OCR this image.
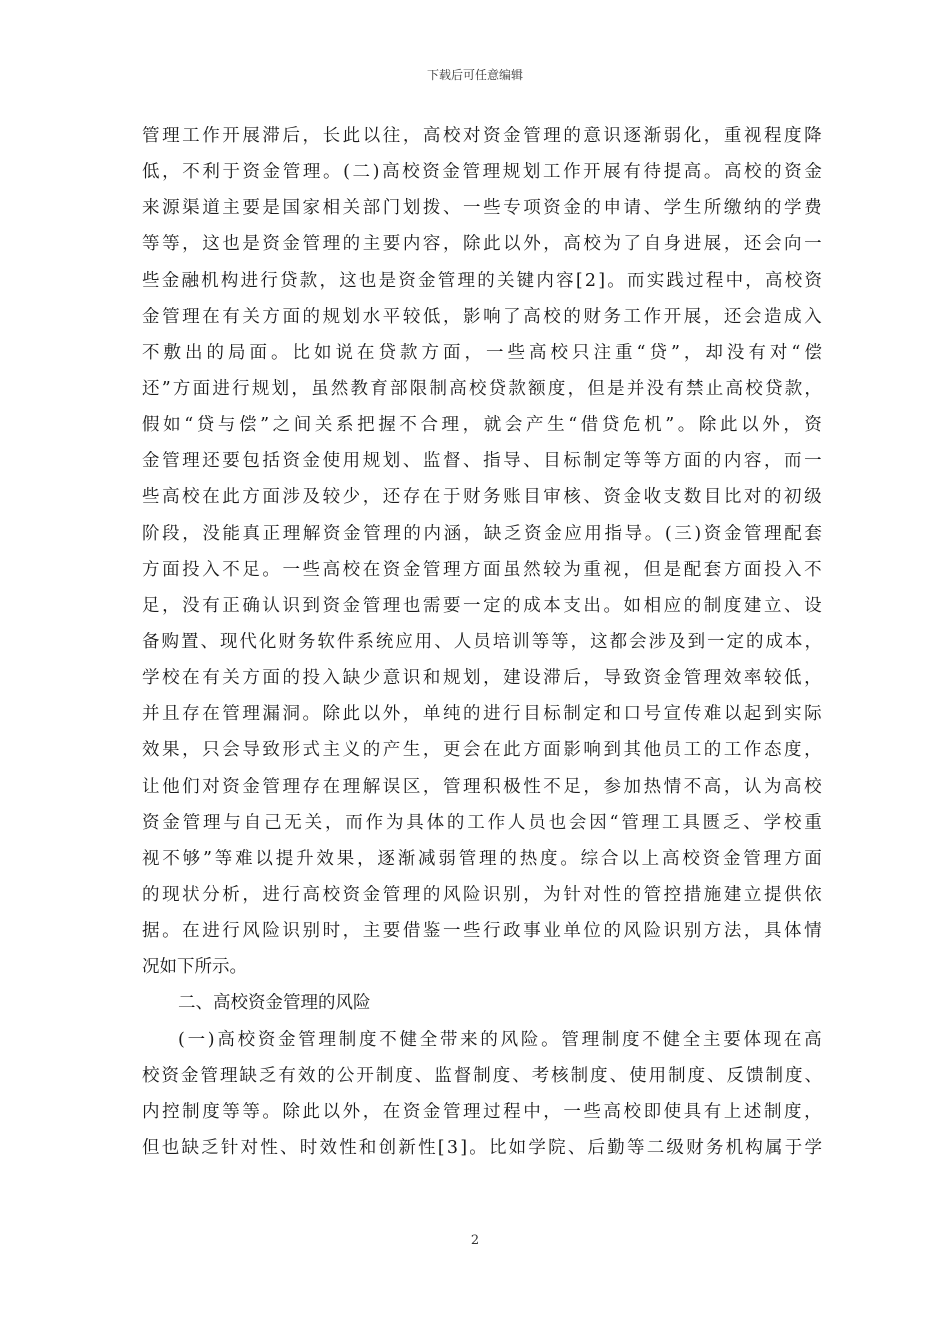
下载后可任意编辑
管 理 工 作 开 展 滞 后 ， 长 此 以 往 ， 高 校 对 资 金 管 理 的 意 识 逐 渐 弱 化 ， 重 视 程 度 降
低 ， 不 利 于 资 金 管 理 。 ( 二 ) 高 校 资 金 管 理 规 划 工 作 开 展 有 待 提 高 。 高 校 的 资 金
来 源 渠 道 主 要 是 国 家 相 关 部 门 划 拨 、 一 些 专 项 资 金 的 申 请 、 学 生 所 缴 纳 的 学 费
等 等 ， 这 也 是 资 金 管 理 的 主 要 内 容 ， 除 此 以 外 ， 高 校 为 了 自 身 进 展 ， 还 会 向 一
些 金 融 机 构 进 行 贷 款 ， 这 也 是 资 金 管 理 的 关 键 内 容 [ 2 ] 。 而 实 践 过 程 中 ， 高 校 资
金 管 理 在 有 关 方 面 的 规 划 水 平 较 低 ， 影 响 了 高 校 的 财 务 工 作 开 展 ， 还 会 造 成 入
不 敷 出 的 局 面 。 比 如 说 在 贷 款 方 面 ， 一 些 高 校 只 注 重 “ 贷 ” ， 却 没 有 对 “ 偿
还 ” 方 面 进 行 规 划 ， 虽 然 教 育 部 限 制 高 校 贷 款 额 度 ， 但 是 并 没 有 禁 止 高 校 贷 款 ，
假 如 “ 贷 与 偿 ” 之 间 关 系 把 握 不 合 理 ， 就 会 产 生 “ 借 贷 危 机 ” 。 除 此 以 外 ， 资
金 管 理 还 要 包 括 资 金 使 用 规 划 、 监 督 、 指 导 、 目 标 制 定 等 等 方 面 的 内 容 ， 而 一
些 高 校 在 此 方 面 涉 及 较 少 ， 还 存 在 于 财 务 账 目 审 核 、 资 金 收 支 数 目 比 对 的 初 级
阶 段 ， 没 能 真 正 理 解 资 金 管 理 的 内 涵 ， 缺 乏 资 金 应 用 指 导 。 ( 三 ) 资 金 管 理 配 套
方 面 投 入 不 足 。 一 些 高 校 在 资 金 管 理 方 面 虽 然 较 为 重 视 ， 但 是 配 套 方 面 投 入 不
足 ， 没 有 正 确 认 识 到 资 金 管 理 也 需 要 一 定 的 成 本 支 出 。 如 相 应 的 制 度 建 立 、 设
备 购 置 、 现 代 化 财 务 软 件 系 统 应 用 、 人 员 培 训 等 等 ， 这 都 会 涉 及 到 一 定 的 成 本 ，
学 校 在 有 关 方 面 的 投 入 缺 少 意 识 和 规 划 ， 建 设 滞 后 ， 导 致 资 金 管 理 效 率 较 低 ，
并 且 存 在 管 理 漏 洞 。 除 此 以 外 ， 单 纯 的 进 行 目 标 制 定 和 口 号 宣 传 难 以 起 到 实 际
效 果 ， 只 会 导 致 形 式 主 义 的 产 生 ， 更 会 在 此 方 面 影 响 到 其 他 员 工 的 工 作 态 度 ，
让 他 们 对 资 金 管 理 存 在 理 解 误 区 ， 管 理 积 极 性 不 足 ， 参 加 热 情 不 高 ， 认 为 高 校
资 金 管 理 与 自 己 无 关 ， 而 作 为 具 体 的 工 作 人 员 也 会 因 “ 管 理 工 具 匮 乏 、 学 校 重
视 不 够 ” 等 难 以 提 升 效 果 ， 逐 渐 减 弱 管 理 的 热 度 。 综 合 以 上 高 校 资 金 管 理 方 面
的 现 状 分 析 ， 进 行 高 校 资 金 管 理 的 风 险 识 别 ， 为 针 对 性 的 管 控 措 施 建 立 提 供 依
据 。 在 进 行 风 险 识 别 时 ， 主 要 借 鉴 一 些 行 政 事 业 单 位 的 风 险 识 别 方 法 ， 具 体 情
况如下所示。
二、高校资金管理的风险
( 一 ) 高 校 资 金 管 理 制 度 不 健 全 带 来 的 风 险 。 管 理 制 度 不 健 全 主 要 体 现 在 高
校 资 金 管 理 缺 乏 有 效 的 公 开 制 度 、 监 督 制 度 、 考 核 制 度 、 使 用 制 度 、 反 馈 制 度 、
内 控 制 度 等 等 。 除 此 以 外 ， 在 资 金 管 理 过 程 中 ， 一 些 高 校 即 使 具 有 上 述 制 度 ，
但 也 缺 乏 针 对 性 、 时 效 性 和 创 新 性 [ 3 ] 。 比 如 学 院 、 后 勤 等 二 级 财 务 机 构 属 于 学
2
